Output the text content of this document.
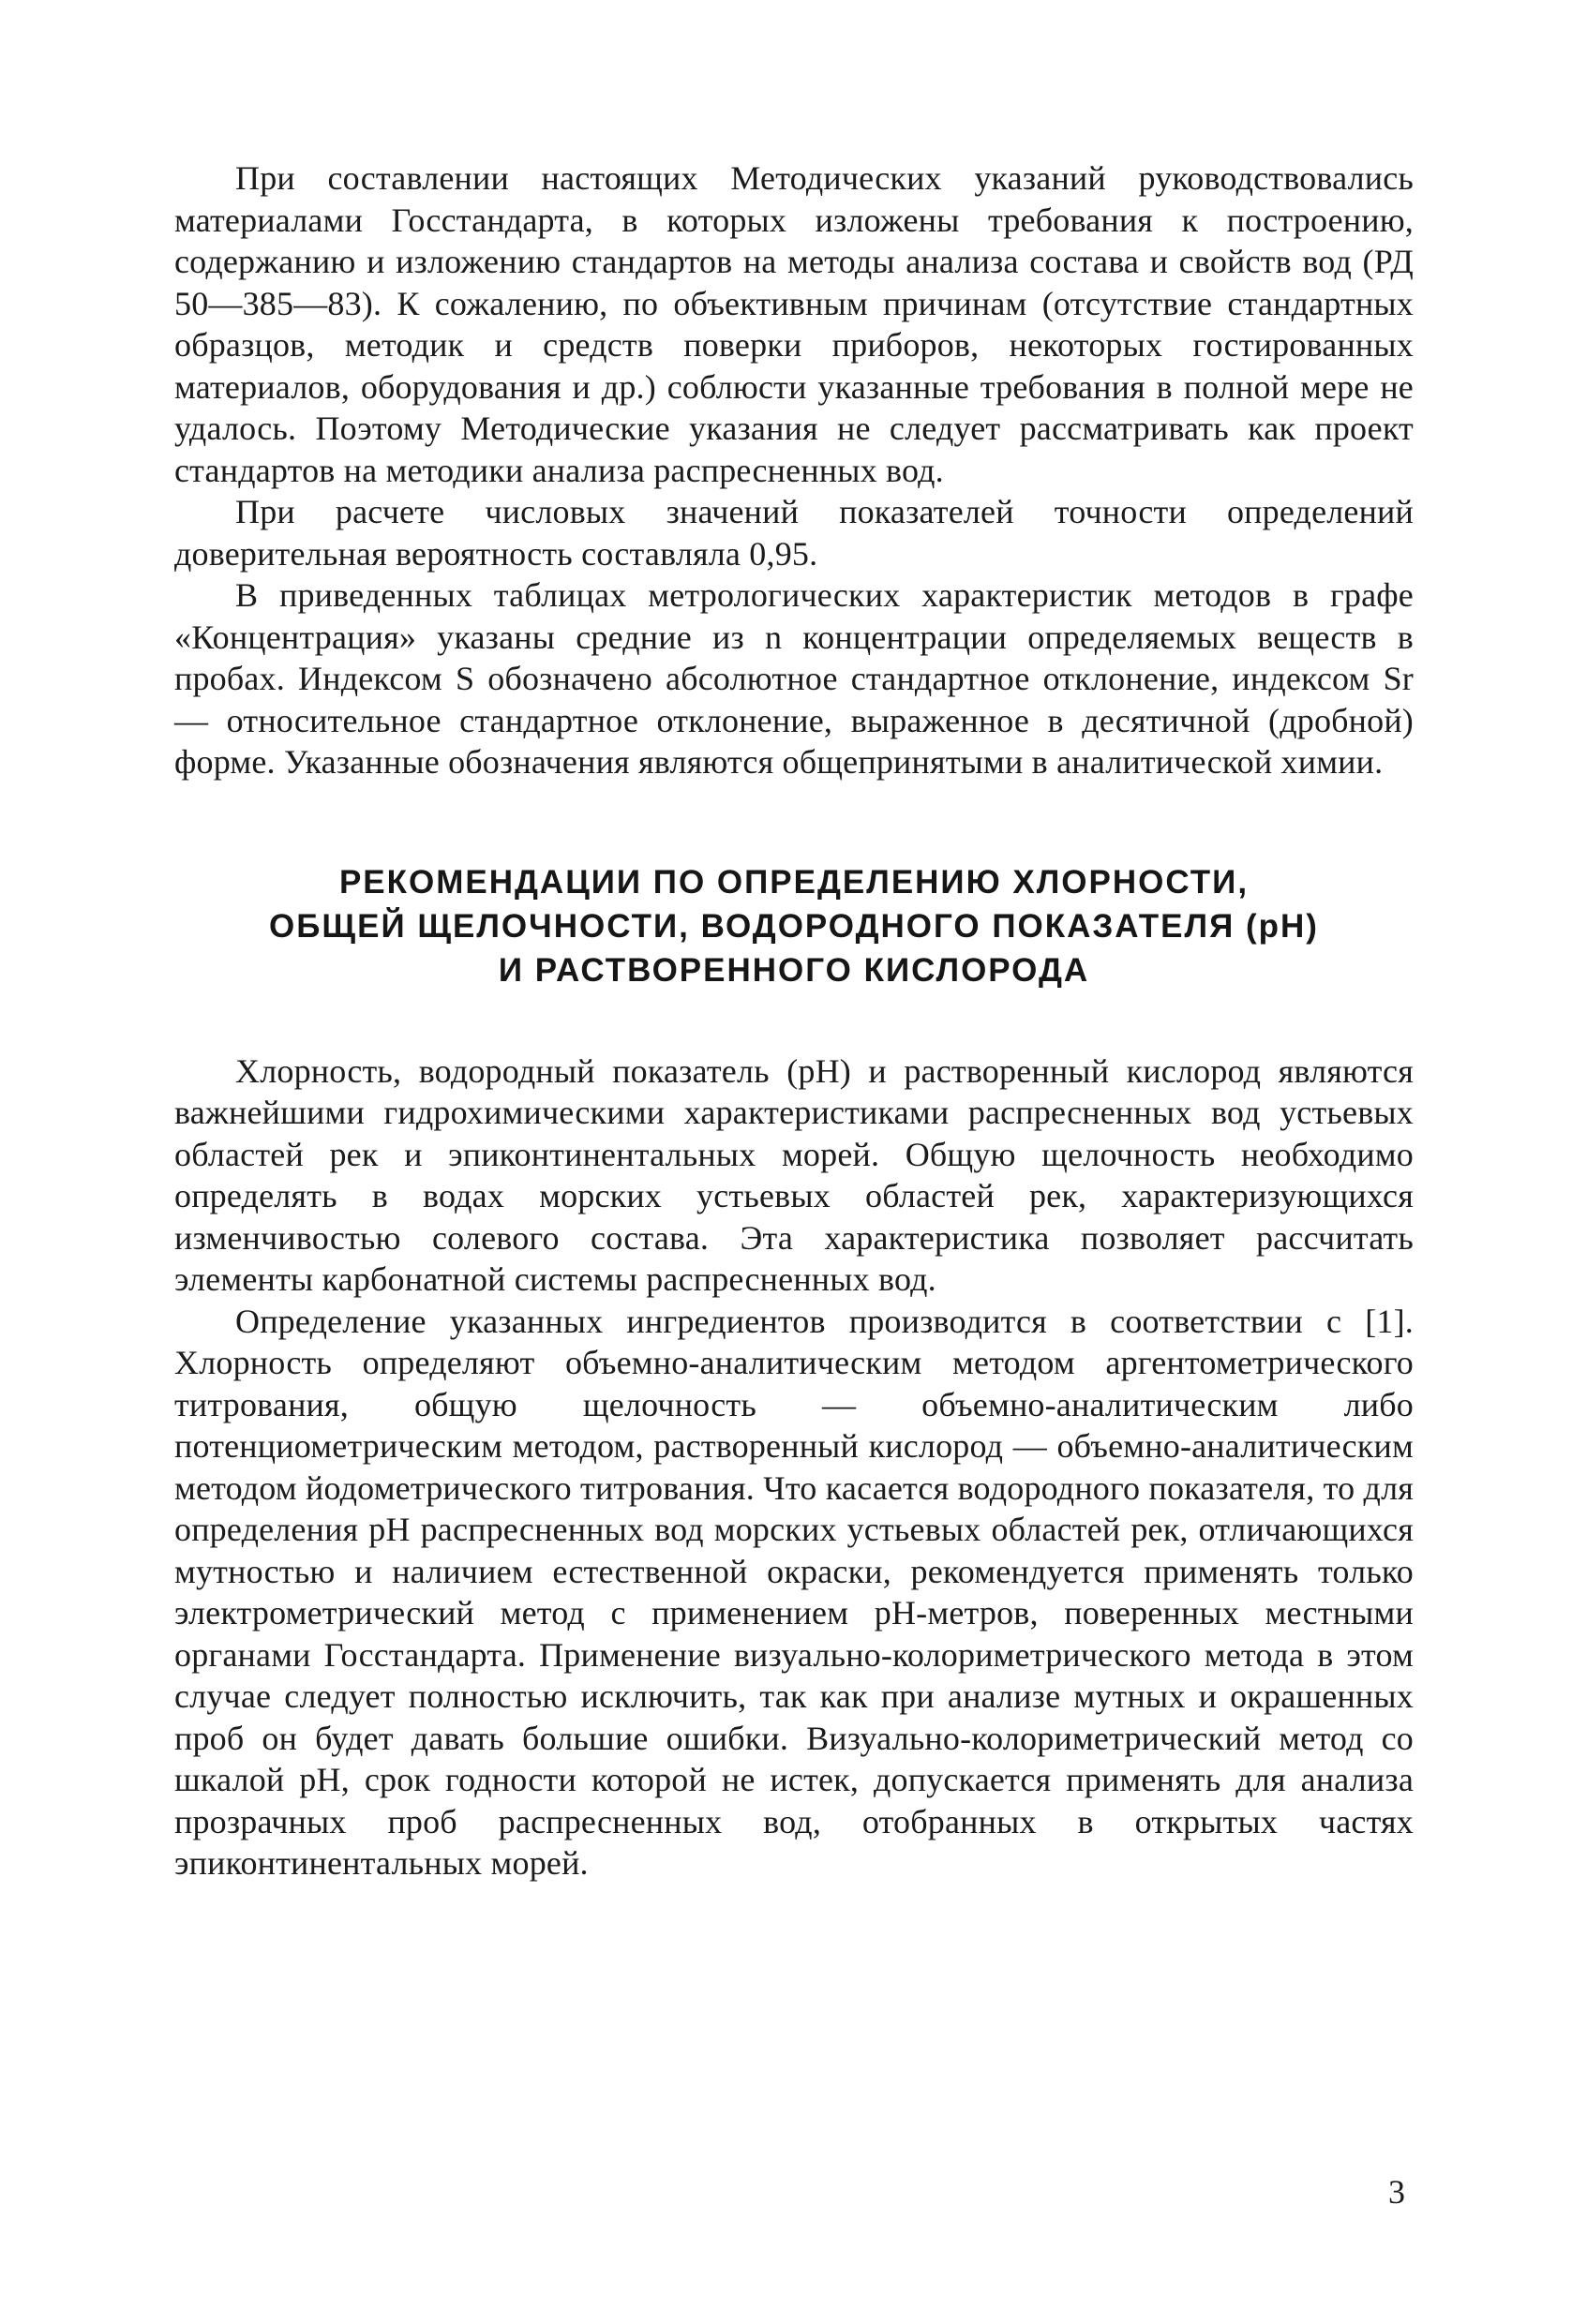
При составлении настоящих Методических указаний руководствовались материалами Госстандарта, в которых изложены требования к построению, содержанию и изложению стандартов на методы анализа состава и свойств вод (РД 50—385—83). К сожалению, по объективным причинам (отсутствие стандартных образцов, методик и средств поверки приборов, некоторых гостированных материалов, оборудования и др.) соблюсти указанные требования в полной мере не удалось. Поэтому Методические указания не следует рассматривать как проект стандартов на методики анализа распресненных вод.

При расчете числовых значений показателей точности определений доверительная вероятность составляла 0,95.

В приведенных таблицах метрологических характеристик методов в графе «Концентрация» указаны средние из n концентрации определяемых веществ в пробах. Индексом S обозначено абсолютное стандартное отклонение, индексом Sr — относительное стандартное отклонение, выраженное в десятичной (дробной) форме. Указанные обозначения являются общепринятыми в аналитической химии.

РЕКОМЕНДАЦИИ ПО ОПРЕДЕЛЕНИЮ ХЛОРНОСТИ,
ОБЩЕЙ ЩЕЛОЧНОСТИ, ВОДОРОДНОГО ПОКАЗАТЕЛЯ (pH)
И РАСТВОРЕННОГО КИСЛОРОДА

Хлорность, водородный показатель (pH) и растворенный кислород являются важнейшими гидрохимическими характеристиками распресненных вод устьевых областей рек и эпиконтинентальных морей. Общую щелочность необходимо определять в водах морских устьевых областей рек, характеризующихся изменчивостью солевого состава. Эта характеристика позволяет рассчитать элементы карбонатной системы распресненных вод.

Определение указанных ингредиентов производится в соответствии с [1]. Хлорность определяют объемно-аналитическим методом аргентометрического титрования, общую щелочность — объемно-аналитическим либо потенциометрическим методом, растворенный кислород — объемно-аналитическим методом йодометрического титрования. Что касается водородного показателя, то для определения pH распресненных вод морских устьевых областей рек, отличающихся мутностью и наличием естественной окраски, рекомендуется применять только электрометрический метод с применением pH-метров, поверенных местными органами Госстандарта. Применение визуально-колориметрического метода в этом случае следует полностью исключить, так как при анализе мутных и окрашенных проб он будет давать большие ошибки. Визуально-колориметрический метод со шкалой pH, срок годности которой не истек, допускается применять для анализа прозрачных проб распресненных вод, отобранных в открытых частях эпиконтинентальных морей.

3
